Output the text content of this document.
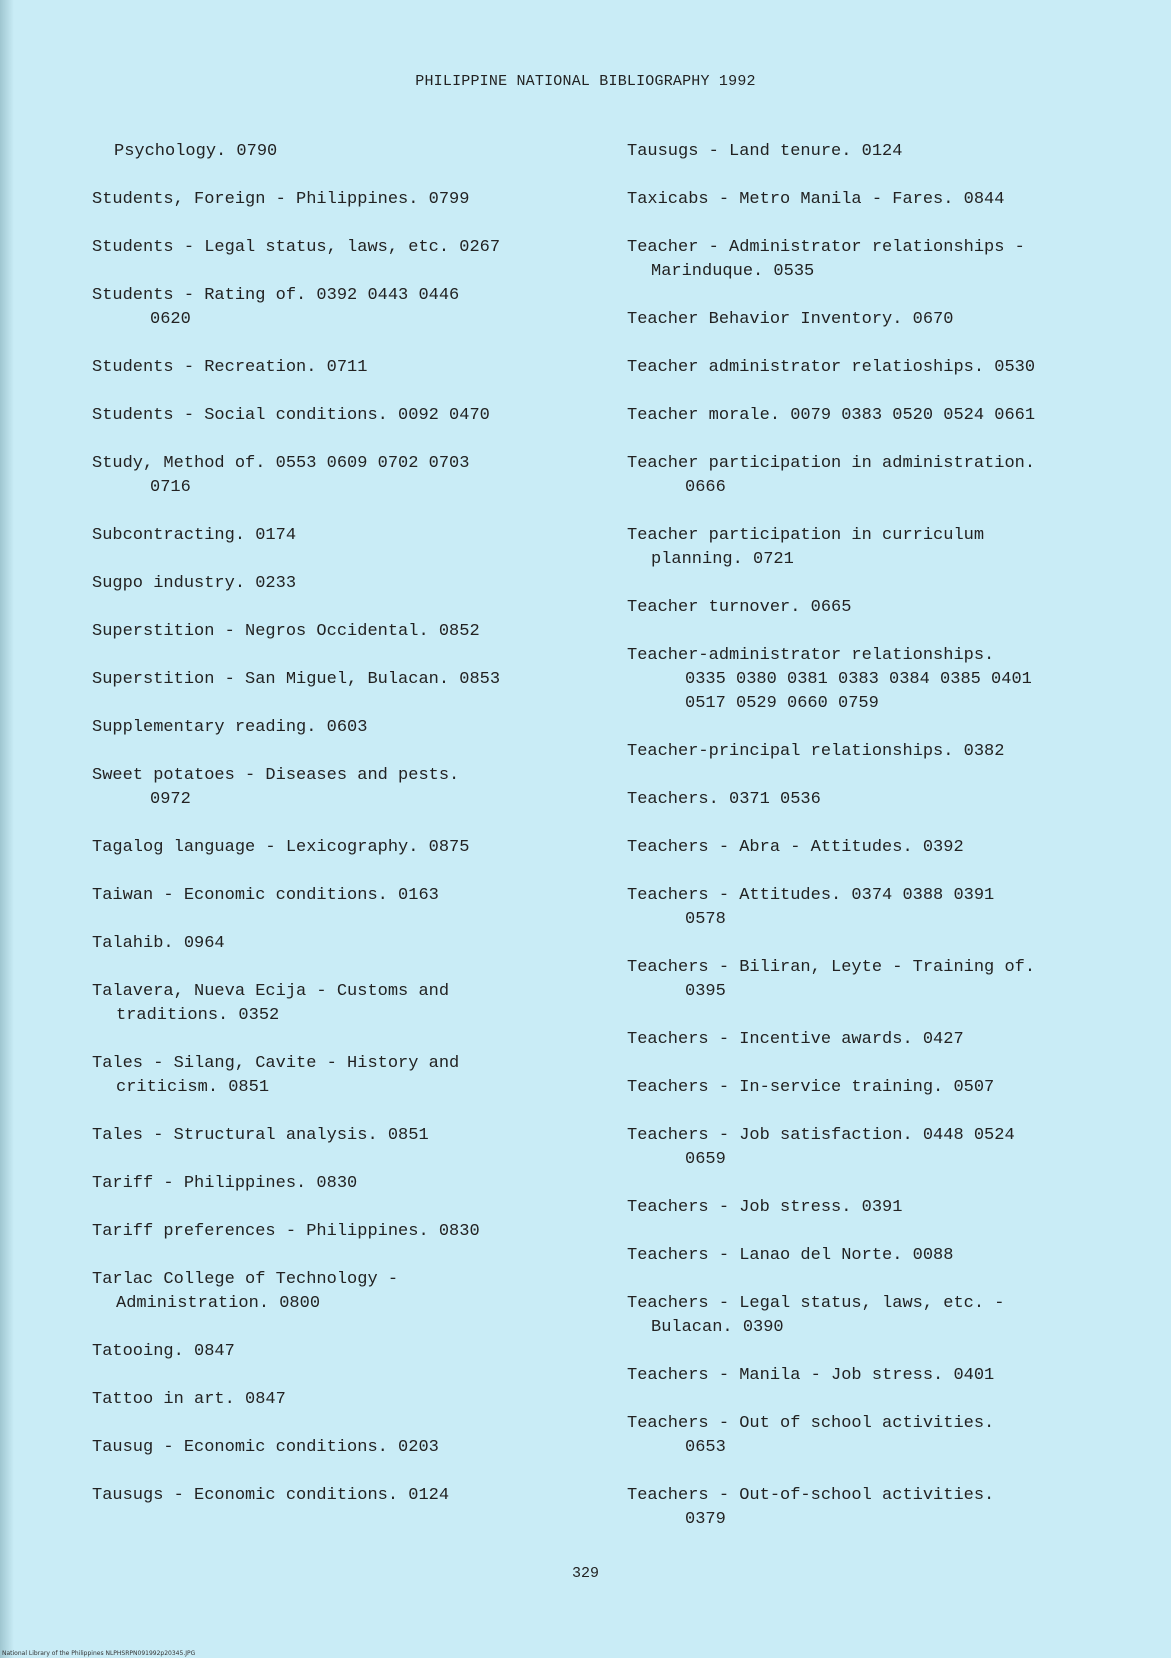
PHILIPPINE NATIONAL BIBLIOGRAPHY 1992
Psychology. 0790
Students, Foreign - Philippines. 0799
Students - Legal status, laws, etc. 0267
Students - Rating of. 0392 0443 0446
0620
Students - Recreation. 0711
Students - Social conditions. 0092 0470
Study, Method of. 0553 0609 0702 0703
0716
Subcontracting. 0174
Sugpo industry. 0233
Superstition - Negros Occidental. 0852
Superstition - San Miguel, Bulacan. 0853
Supplementary reading. 0603
Sweet potatoes - Diseases and pests.
0972
Tagalog language - Lexicography. 0875
Taiwan - Economic conditions. 0163
Talahib. 0964
Talavera, Nueva Ecija - Customs and
traditions. 0352
Tales - Silang, Cavite - History and
criticism. 0851
Tales - Structural analysis. 0851
Tariff - Philippines. 0830
Tariff preferences - Philippines. 0830
Tarlac College of Technology -
Administration. 0800
Tatooing. 0847
Tattoo in art. 0847
Tausug - Economic conditions. 0203
Tausugs - Economic conditions. 0124
Tausugs - Land tenure. 0124
Taxicabs - Metro Manila - Fares. 0844
Teacher - Administrator relationships -
Marinduque. 0535
Teacher Behavior Inventory. 0670
Teacher administrator relatioships. 0530
Teacher morale. 0079 0383 0520 0524 0661
Teacher participation in administration.
0666
Teacher participation in curriculum
planning. 0721
Teacher turnover. 0665
Teacher-administrator relationships.
0335 0380 0381 0383 0384 0385 0401
0517 0529 0660 0759
Teacher-principal relationships. 0382
Teachers. 0371 0536
Teachers - Abra - Attitudes. 0392
Teachers - Attitudes. 0374 0388 0391
0578
Teachers - Biliran, Leyte - Training of.
0395
Teachers - Incentive awards. 0427
Teachers - In-service training. 0507
Teachers - Job satisfaction. 0448 0524
0659
Teachers - Job stress. 0391
Teachers - Lanao del Norte. 0088
Teachers - Legal status, laws, etc. -
Bulacan. 0390
Teachers - Manila - Job stress. 0401
Teachers - Out of school activities.
0653
Teachers - Out-of-school activities.
0379
329
National Library of the Philippines NLPHSRPN091992p20345.JPG
